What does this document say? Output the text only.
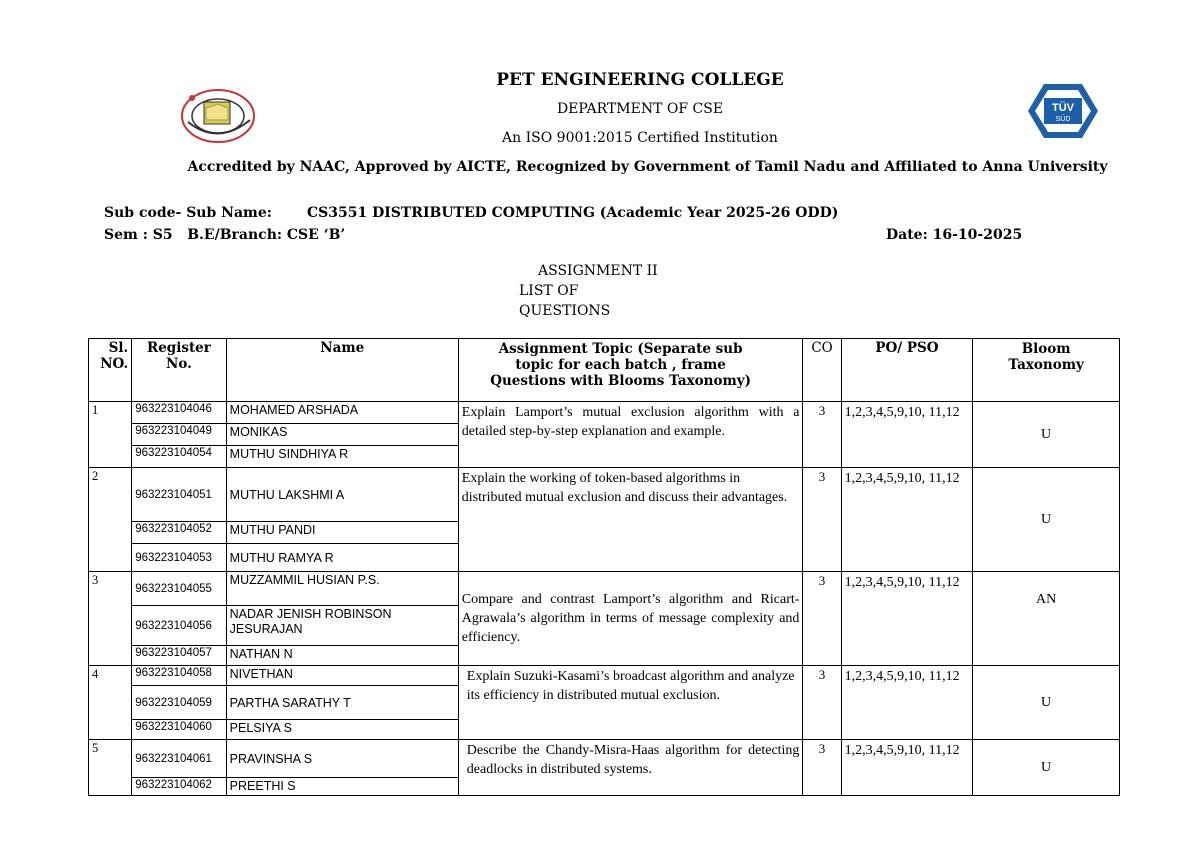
TÜV
SÜD
PET ENGINEERING COLLEGE
DEPARTMENT OF CSE
An ISO 9001:2015 Certified Institution
Accredited by NAAC, Approved by AICTE, Recognized by Government of Tamil Nadu and Affiliated to Anna University
Sub code- Sub Name:	CS3551 DISTRIBUTED COMPUTING (Academic Year 2025-26 ODD)
Sem : S5   B.E/Branch: CSE ‘B’	Date: 16-10-2025
ASSIGNMENT II
LIST OF
QUESTIONS
Sl. NO.	Register No.	Name	Assignment Topic (Separate sub topic for each batch , frame Questions with Blooms Taxonomy)	CO	PO/ PSO	Bloom Taxonomy
1	963223104046	MOHAMED ARSHADA	Explain Lamport’s mutual exclusion algorithm with a detailed step-by-step explanation and example.	3	1,2,3,4,5,9,10, 11,12	U
	963223104049	MONIKAS				
	963223104054	MUTHU SINDHIYA R				
2	963223104051	MUTHU LAKSHMI A	Explain the working of token-based algorithms in distributed mutual exclusion and discuss their advantages.	3	1,2,3,4,5,9,10, 11,12	U
	963223104052	MUTHU PANDI				
	963223104053	MUTHU RAMYA R				
3	963223104055	MUZZAMMIL HUSIAN P.S.	Compare and contrast Lamport’s algorithm and Ricart-Agrawala’s algorithm in terms of message complexity and efficiency.	3	1,2,3,4,5,9,10, 11,12	AN
	963223104056	NADAR JENISH ROBINSON JESURAJAN				
	963223104057	NATHAN N				
4	963223104058	NIVETHAN	Explain Suzuki-Kasami’s broadcast algorithm and analyze its efficiency in distributed mutual exclusion.	3	1,2,3,4,5,9,10, 11,12	U
	963223104059	PARTHA SARATHY T				
	963223104060	PELSIYA S				
5	963223104061	PRAVINSHA S	Describe the Chandy-Misra-Haas algorithm for detecting deadlocks in distributed systems.	3	1,2,3,4,5,9,10, 11,12	U
	963223104062	PREETHI S				
